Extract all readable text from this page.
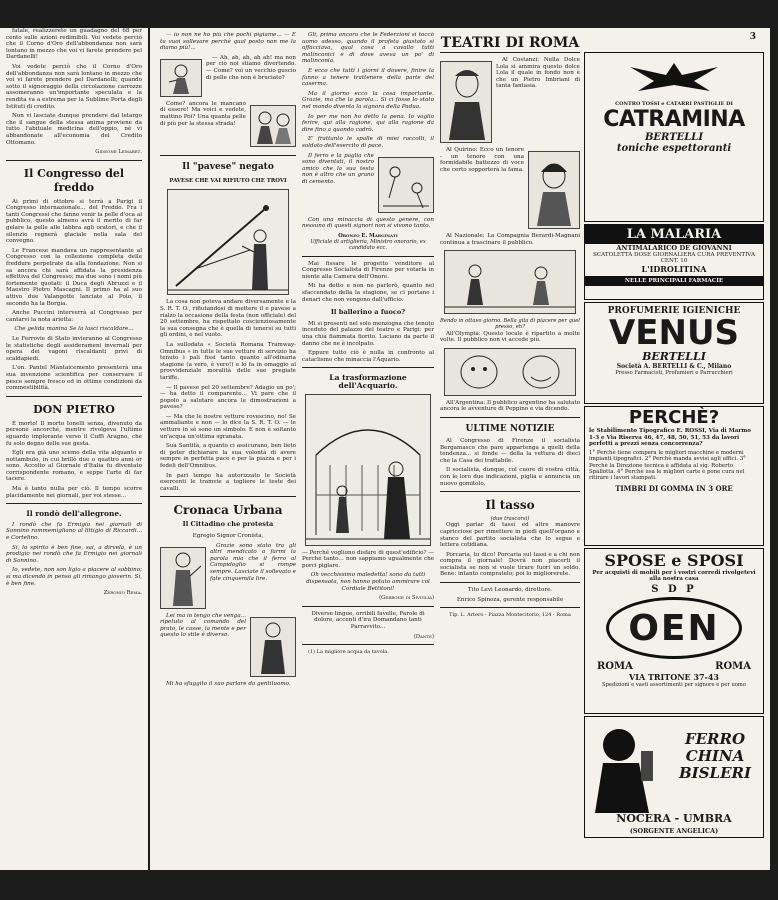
fatale, realizzerete un guadagno del 68 per cento sulle azioni redimibili. Voi vedete perciò che il Corno d'Oro dell'abbondanza non sarà lontano in mezzo che voi vi farete prendere pel Dardanelli!

Voi vedete perciò che il Corno d'Oro dell'abbondanza non sarà lontano in mezzo che voi vi farete prendere pel Dardanelli; quando sotto il signoraggio della circolazione carrozze assomeranno un'importante speculata e la rendita va a estrema per la Sublime Porta degli Istituti di credito.

Non vi lasciate dunque prendere dal letargo che il sangue della stessa anima proviene da tutto l'abituale medicina dell'oppio, nè vi abbandonate all'economia del Credito Ottomano.

Gideone Lemaret.
Il Congresso del freddo

Ai primi di ottobre si terrà a Parigi il Congresso internazionale... del Freddo. Fra i tanti Congressi che fanno venir la pelle d'oca al pubblico, questo almeno avrà il merito di far gelare la pelle alle labbra agli oratori, e che il silenzio regnerà glaciale nella sala del convegno.

Le Francese mandava un rappresentante al Congresso con la collezione completa delle freddure perpetrate da alla fondazione. Non si sa ancora chi sarà affidata la presidenza effettiva del Congresso; ma due sono i nomi più fortemente quotati: il Duca degli Abruzzi e il Maestro Pietro Mascagni. Il primo ha al suo attivo due Valangotte lanciate al Polo, il secondo ha la Borgia.

Anche Puccini interverrà al Congresso per cantarvi la nota arietta:

Che gelida manina Se la lasci riscaldare...

Le Ferrovie di Stato invieranno al Congresso le statistiche degli assiderameni invernali per opera dei vagoni riscaldanti privi di scaldapiedi.

L'on. Pantel Mantaicemento presenterà una sua invenzione scientifica per conservare il pesce sempre fresco ed in ottime condizioni da commestibilità.

DON PIETRO

È morto! Il morto Ionelli senza, divenuto da persone ancorché, mentre rivolgeva l'ultimo sguardo implorante verso il Cuffi Aragno, che fu solo degno delle sue gesta.

Egli era già uno scemo della vita alquanto e nottambulo, in cui brillò due o quattro anni or sono. Accolto al Giornale d'Italia fu diventato corrispondente romano, e seppe l'arte di far tacere.

Ma è tanto nulla per ciò. Il tempo scorre placidamente nei giornali, per voi stesse...

Il rondò dell'allegrone.

I rondò che fa Ermigio nei giornali di Sonnino rammemigliano al littigio di Riccardi... e Cortelino.

Si, lo spirito è ben fine, sai, a dirvela, è un prodigio nei rondò che fa Ermigio nei giornali di Sonnino.

Io, vedete, non son ligio a piacere al sobbino; sì ma dicendo in penso gli rimango gioverin. Sì, è ben fine.

Zeronio Rema.
3

— io non ne ho più che pochi pigiame... — E tu vuoi sollevare perchè qual posto non me la diamo più!...

— Ah, ah, ah, ah ah! ma non per ciò noi stiamo divertendo. — Come? voi un vecchio guscio di pelle che non è bruciato?

Come? ancora le mancano di essere! Ma voici e vedete, mattino Poi? Una quanta pelle di più per la stessa strada!

Il "pavese" negato
PAVESE CHE VAI RIFIUTO CHE TROVI

La cosa non poteva andare diversamente e la S. R. T. O., rifiutandosi di mettere il e pavese a rialzo la occasione della festa (non officiale) del 20 settembre, ha rispettato coscienziosamente la sua consegna che è quella di tenersi su tutti gli ordini, e nel vuoto.

La sullodata « Società Romana Tramway-Omnibus » in tutte le sue vetture di servizio ha tenuto i pali fissi tanto quanto all'odinaria stagione (a vero, è vero!) e lo fa in omaggio al provvidenziale moralità delle sue pregiate tariffe.

— Il pavese pel 20 settembre? Adagio un po'; — ha detto il comparente... Vi pare che il popolo a salutare ancora le dimostrazioni a pavese?

— Ma che le nostre vetture rovescino, no! Se ammaliante e non — lo dice la S. R. T. O. — le vetture in sè sono un simbolo. E non è soltanto un'acqua un'ottima sgranata.

Sua Santità, a quanto ci assicurano, ben lieto di poter dichiarare la sua volontà di avere sempre in perfetta pace e per la piazza e per i fedeli dell'Omnibus.

In pari tempo ha autorizzato le Società esercenti le tramvie a togliere le teste dei cavalli.

Cronaca Urbana
Il Cittadino che protesta

Egregio Signor Cronista,

Grazie sono stato tra gli altri mendicato a farmi la parola mia che il ferro al Campidoglio si rompe sempre. Lasciate il sollevato e fate cinquemila lire.

Lei ma io tengo che venga... ripetuto al comando del prato, le casse, la mente e per questo lo stile è diverso.

Mi ha sfuggito il suo parlare da gentiluomo.

Gli, prima ancora che le Federzioni si toccò uomo adesso, quando il profeta giustato si affacciava, qual cosa a cavallo tutti malinconici e di dove aveva un po' di malinconia.

E ecco che tutti i giorni il dovere, finire la fanno a tenere trattenere della parte del caserma.

Ma il giorno ecco la cosa importante. Grazie, ma che la parola... Si ci fosse lo stato nel mondo diventa la signora della Padua.

Io per me non ho detto la pena. Io voglio ferire, qui alla ragione, qui alla ragione da dire fino a quando cadrò.

E' frattanto le spalle di miei raccolti, il soldato dell'esercito di pace.

Il ferro e la paglia che sono diventati, il nostro amico che la sua testa non è altro che un grano di cemento.

Con una minaccia di questo genere, con nessuno di questi signori non si vivono tanto.

Oronzo E. Marginati
Ufficiale di artiglieria, Ministro onorario, ex candidato ecc.

Mai fissare le progetto venditore al Congresso Socialista di Firenze per votarla in niente alla Camera dell'Onore.

Mi ha detto e non ne parlerò, quanto nel sfaccendato della la stagione, se ci portano i denari che non vengono dall'ufficio.

Il ballerino a fuoco?

Mi si presenti nel solo menzogna che tenuto inceduto del palazzo del teatro e Parigi: per una chia fiammata fiorito. Laciano da parte il danno che ne è incolpato.

Eppure tutto ciò è nulla in confronto al cataclismo che minaccia l'Aquario.

La trasformazione dell'Acquario.

— Perché vogliono disfare di quest'edificio? — Perché tanto... non sappiamo ugualmente che porci piglare.

Oh vecchissimo maledetta! sono da tutti dispensata, non hanno potuto ammirare col Cordiale Bettitoni!

(Gerbone di Siviglia)

Diverse lingue, orribili favelle, Parole di dolore, accenti d'ira Domandano tanti Parravvito...

(Dante)

(1) La migliore acqua da tavola.

TEATRI DI ROMA

Al Costanzi: Nella Dolce Lola si ammira questo dolce Lola il quale in fondo non è che un Pietro Imbriani di tanta fantasia.

Al Quirino: Ecco un tenore - un tenore con una formidabile battezzo di voce che certo sopporterà la fama.

Al Nazionale: La Compagnia Berardi-Magnani continua a trascinare il pubblico.

Rendo in ottavo giorno. Bella gita di piacere per quel presso, eh?

All'Olympia: Questo locale è ripartito a molte volte. Il pubblico non vi accede più.

All'Argentina: Il pubblico argentino ha salutato ancora le avventure di Peppino e via dicendo.

ULTIME NOTIZIE

Al Congresso di Firenze il socialista Bergamasco che pare appartenga a quelli della tendenza... si fonde — della la vettura di dieci che la Casa dei trattabile.

Il socialista, dunque, col cuore di vostra città, con le loro due indicazioni, piglia e annuncia un nuovo gomitolo.

Il tasso
(due trascorsi)

Oggi parlar di tassi ed altre manovre capricciose per rimettere in piedi quell'organo e stanco del partito socialista che lo segue e lettera cotidiana.

Porcaria, tu dico! Porcaria sul tassi e a chi non compra il giornale! Dovrà non piacerti il socialista se non si vuole tirare fuori un soldo. Bene: intanto compratelo; poi lo migliorerete.

Tito Levi Leonardo, direttore.

Enrico Spinoza, gerente responsabile

Tip. L. Artero - Piazza Montecitorio, 124 - Roma

CONTRO TOSSI e CATARRI PASTIGLIE DI
CATRAMINA
BERTELLI
toniche espettoranti
LA MALARIA
ANTIMALARICO DE GIOVANNI
SCATOLETTA DOSE GIORNALIERA CURA PREVENTIVA CENT. 10
L'IDROLITINA
NELLE PRINCIPALI FARMACIE
PROFUMERIE IGIENICHE
VENUS
BERTELLI
Società A. BERTELLI & C., Milano
Presso Farmacisti, Profumieri e Parrucchieri
PERCHÈ?
le Stabilimento Tipografico E. ROSSI, Via di Marmo 1-3 e Via Riserva 46, 47, 48, 50, 51, 53 da lavori perfetti a prezzi senza concorrenza?
1° Perchè tiene compera le migliori macchine e moderni impianti tipografici. 2° Perchè manda avvisi agli uffici. 3° Perchè la Direzione tecnica è affidata al sig. Roberto Spallotta. 4° Perchè usa le migliori carte e pone cura nel ritirare i lavori stampati.
TIMBRI DI GOMMA IN 3 ORE
SPOSE e SPOSI
Per acquisti di mobili per i vostri corredi rivolgetevi alla nostra casa
S D P
OEN
ROMA	ROMA
VIA TRITONE 37-43
Spedizioni e vasti assortimenti per signore e per uomo
FERRO
CHINA
BISLERI
NOCERA - UMBRA
(SORGENTE ANGELICA)
